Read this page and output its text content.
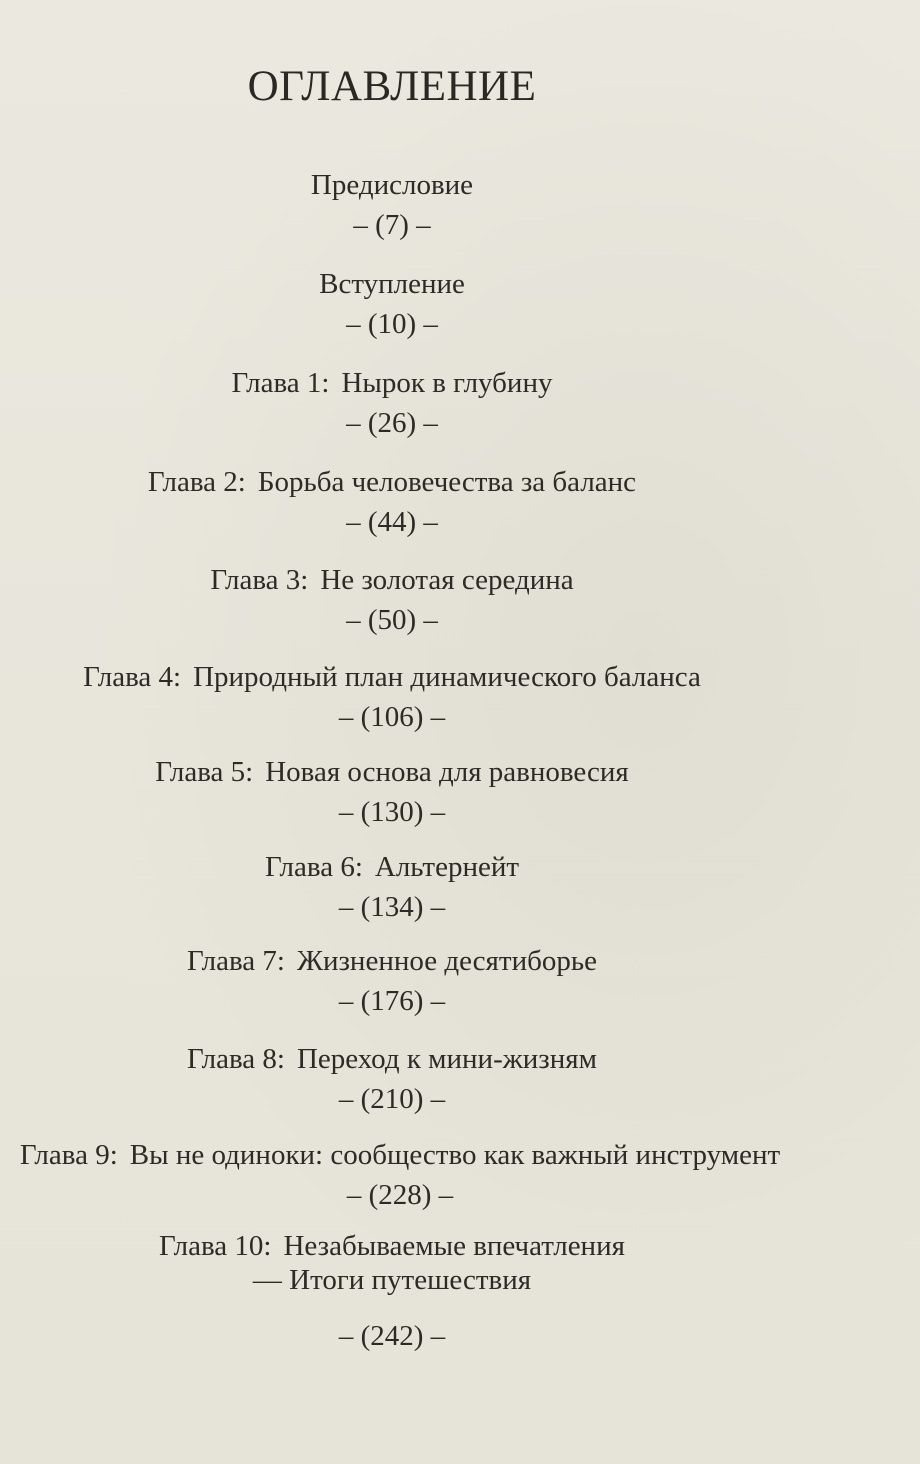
ОГЛАВЛЕНИЕ
Предисловие
– (7) –
Вступление
– (10) –
Глава 1: Нырок в глубину
– (26) –
Глава 2: Борьба человечества за баланс
– (44) –
Глава 3: Не золотая середина
– (50) –
Глава 4: Природный план динамического баланса
– (106) –
Глава 5: Новая основа для равновесия
– (130) –
Глава 6: Альтернейт
– (134) –
Глава 7: Жизненное десятиборье
– (176) –
Глава 8: Переход к мини-жизням
– (210) –
Глава 9: Вы не одиноки: сообщество как важный инструмент
– (228) –
Глава 10: Незабываемые впечатления
— Итоги путешествия
– (242) –
